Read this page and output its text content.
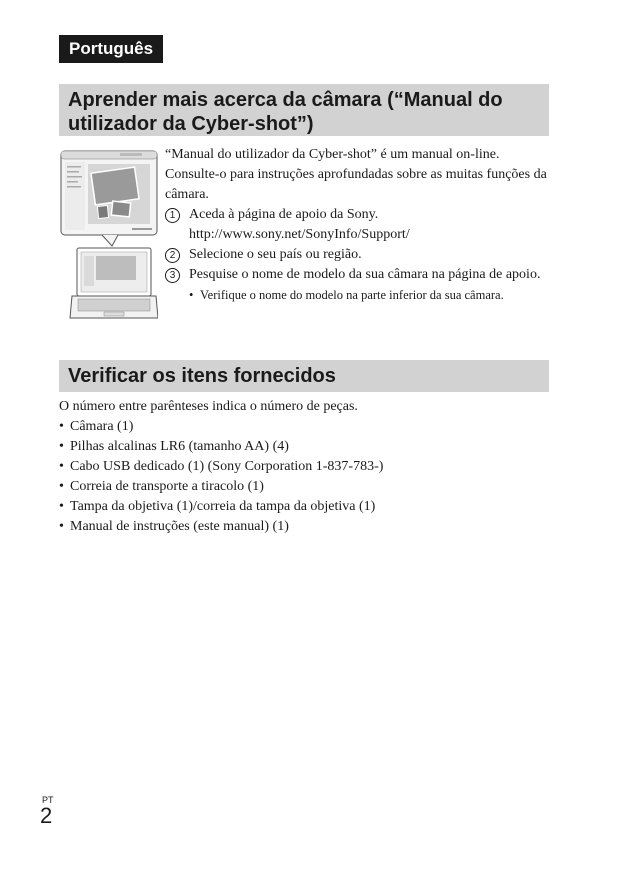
Português
Aprender mais acerca da câmara (“Manual do utilizador da Cyber-shot”)

“Manual do utilizador da Cyber-shot” é um manual on-line. Consulte-o para instruções aprofundadas sobre as muitas funções da câmara.

1 Aceda à página de apoio da Sony.
http://www.sony.net/SonyInfo/Support/
2 Selecione o seu país ou região.
3 Pesquise o nome de modelo da sua câmara na página de apoio.
• Verifique o nome do modelo na parte inferior da sua câmara.
Verificar os itens fornecidos

O número entre parênteses indica o número de peças.

• Câmara (1)
• Pilhas alcalinas LR6 (tamanho AA) (4)
• Cabo USB dedicado (1) (Sony Corporation 1-837-783-)
• Correia de transporte a tiracolo (1)
• Tampa da objetiva (1)/correia da tampa da objetiva (1)
• Manual de instruções (este manual) (1)
PT
2
